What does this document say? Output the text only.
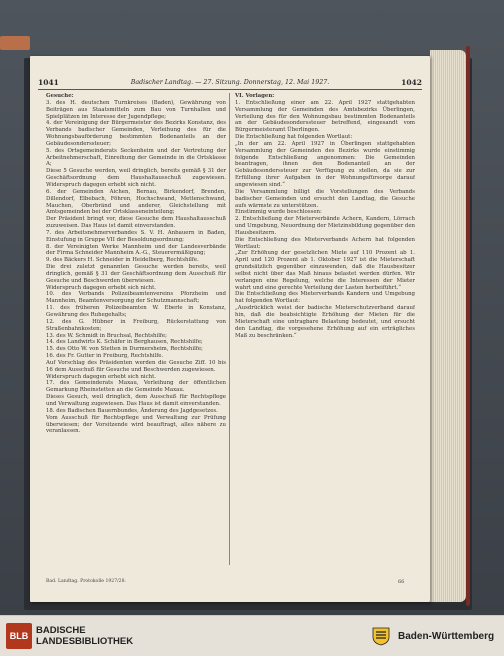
1041	Badischer Landtag. — 27. Sitzung. Donnerstag, 12. Mai 1927.	1042

Gesuche:

3. des H. deutschen Turnkreises (Baden), Gewährung von Beiträgen aus Staatsmitteln zum Bau von Turnhallen und Spielplätzen im Interesse der Jugendpflege;

4. der Vereinigung der Bürgermeister des Bezirks Konstanz, des Verbands badischer Gemeinden, Verleihung des für die Wohnungsbauförderung bestimmten Bodenanteils an der Gebäudesonderssteuer;

5. des Ortsgemeinderats Seckenheim und der Vertretung der Arbeitnehmerschaft, Einreihung der Gemeinde in die Ortsklasse A;

Diese 5 Gesuche werden, weil dringlich, bereits gemäß § 31 der Geschäftsordnung dem Haushaltausschuß zugewiesen. Widerspruch dagegen erhebt sich nicht.

6. der Gemeinden Aichen, Bernau, Birkendorf, Brenden, Dillendorf, Elbebach, Föhren, Hochschwand, Mettenschwand, Mauchen, Oberbränd und anderer, Gleichstellung mit Amtsgemeinden bei der Ortsklasseneinteilung;

Der Präsident bringt vor, diese Gesuche dem Haushaltausschuß zuzuweisen. Das Haus ist damit einverstanden.

7. des Arbeitsnehmerverbandes S. V. H. Anbauern in Baden, Einstufung in Gruppe VII der Besoldungsordnung;

8. der Vereinigten Werke Mannheim und der Landesverbände der Firma Schneider Mannheim A.-G., Steuerermäßigung;

9. des Bäckers H. Schneider in Heidelberg, Rechtshilfe.

Die drei zuletzt genannten Gesuche werden bereits, weil dringlich, gemäß § 31 der Geschäftsordnung dem Ausschuß für Gesuche und Beschwerden überwiesen.

Widerspruch dagegen erhebt sich nicht.

10. des Verbands Polizeibeamtenvereins Pforzheim und Mannheim, Beamtenversorgung der Schutzmannschaft;

11. des früheren Polizeibeamten W. Eberle in Konstanz, Gewährung des Ruhegehalts;

12. des G. Hübner in Freiburg, Rückerstattung von Straßenbahnkosten;

13. des W. Schmidt in Bruchsal, Rechtshilfe;

14. des Landwirts K. Schäfer in Berghausen, Rechtshilfe;

15. des Otto W. von Stetten in Durmersheim, Rechtshilfe;

16. des Fr. Gutter in Freiburg, Rechtshilfe.

Auf Vorschlag des Präsidenten werden die Gesuche Ziff. 10 bis 16 dem Ausschuß für Gesuche und Beschwerden zugewiesen.

Widerspruch dagegen erhebt sich nicht.

17. des Gemeinderats Maxau, Verleihung der öffentlichen Gemarkung Rheinstetten an die Gemeinde Maxau.

Dieses Gesuch, weil dringlich, dem Ausschuß für Rechtspflege und Verwaltung zugewiesen. Das Haus ist damit einverstanden.

18. des Badischen Bauernbundes, Änderung des Jagdgesetzes.

Vom Ausschuß für Rechtspflege und Verwaltung zur Prüfung überwiesen; der Vorsitzende wird beauftragt, alles nähere zu veranlassen.

VI. Vorlagen:

1. Entschließung einer am 22. April 1927 stattgehabten Versammlung der Gemeinden des Amtsbezirks Überlingen, Verteilung des für den Wohnungsbau bestimmten Bodenanteils an der Gebäudesonderssteuer betreffend, eingesandt vom Bürgermeisteramt Überlingen.

Die Entschließung hat folgenden Wortlaut:

„In der am 22. April 1927 in Überlingen stattgehabten Versammlung der Gemeinden des Bezirks wurde einstimmig folgende Entschließung angenommen: Die Gemeinden beantragen, ihnen den Bodenanteil an der Gebäudesonderssteuer zur Verfügung zu stellen, da sie zur Erfüllung ihrer Aufgaben in der Wohnungsfürsorge darauf angewiesen sind.“

Die Versammlung billigt die Vorstellungen des Verbands badischer Gemeinden und ersucht den Landtag, die Gesuche aufs wärmste zu unterstützen.

Einstimmig wurde beschlossen:

2. Entschließung der Mieterverbände Achern, Kandern, Lörrach und Umgebung, Neuordnung der Mietzinsbildung gegenüber den Hausbesitzern.

Die Entschließung des Mieterverbands Achern hat folgenden Wortlaut:

„Zur Erhöhung der gesetzlichen Miete auf 110 Prozent ab 1. April und 120 Prozent ab 1. Oktober 1927 ist die Mieterschaft grundsätzlich gegenüber einzuwenden, daß die Hausbesitzer selbst nicht über das Maß hinaus belastet werden dürfen. Wir verlangen eine Regelung, welche die Interessen der Mieter wahrt und eine gerechte Verteilung der Lasten herbeiführt.“

Die Entschließung des Mieterverbands Kandern und Umgebung hat folgenden Wortlaut:

„Ausdrücklich weist der badische Mieterschutzverband darauf hin, daß die beabsichtigte Erhöhung der Mieten für die Mieterschaft eine untragbare Belastung bedeutet, und ersucht den Landtag, die vorgesehene Erhöhung auf ein erträgliches Maß zu beschränken.“

Bad. Landtag. Protokolle 1927/28.	66
BLB BADISCHE
LANDESBIBLIOTHEK	Baden-Württemberg
